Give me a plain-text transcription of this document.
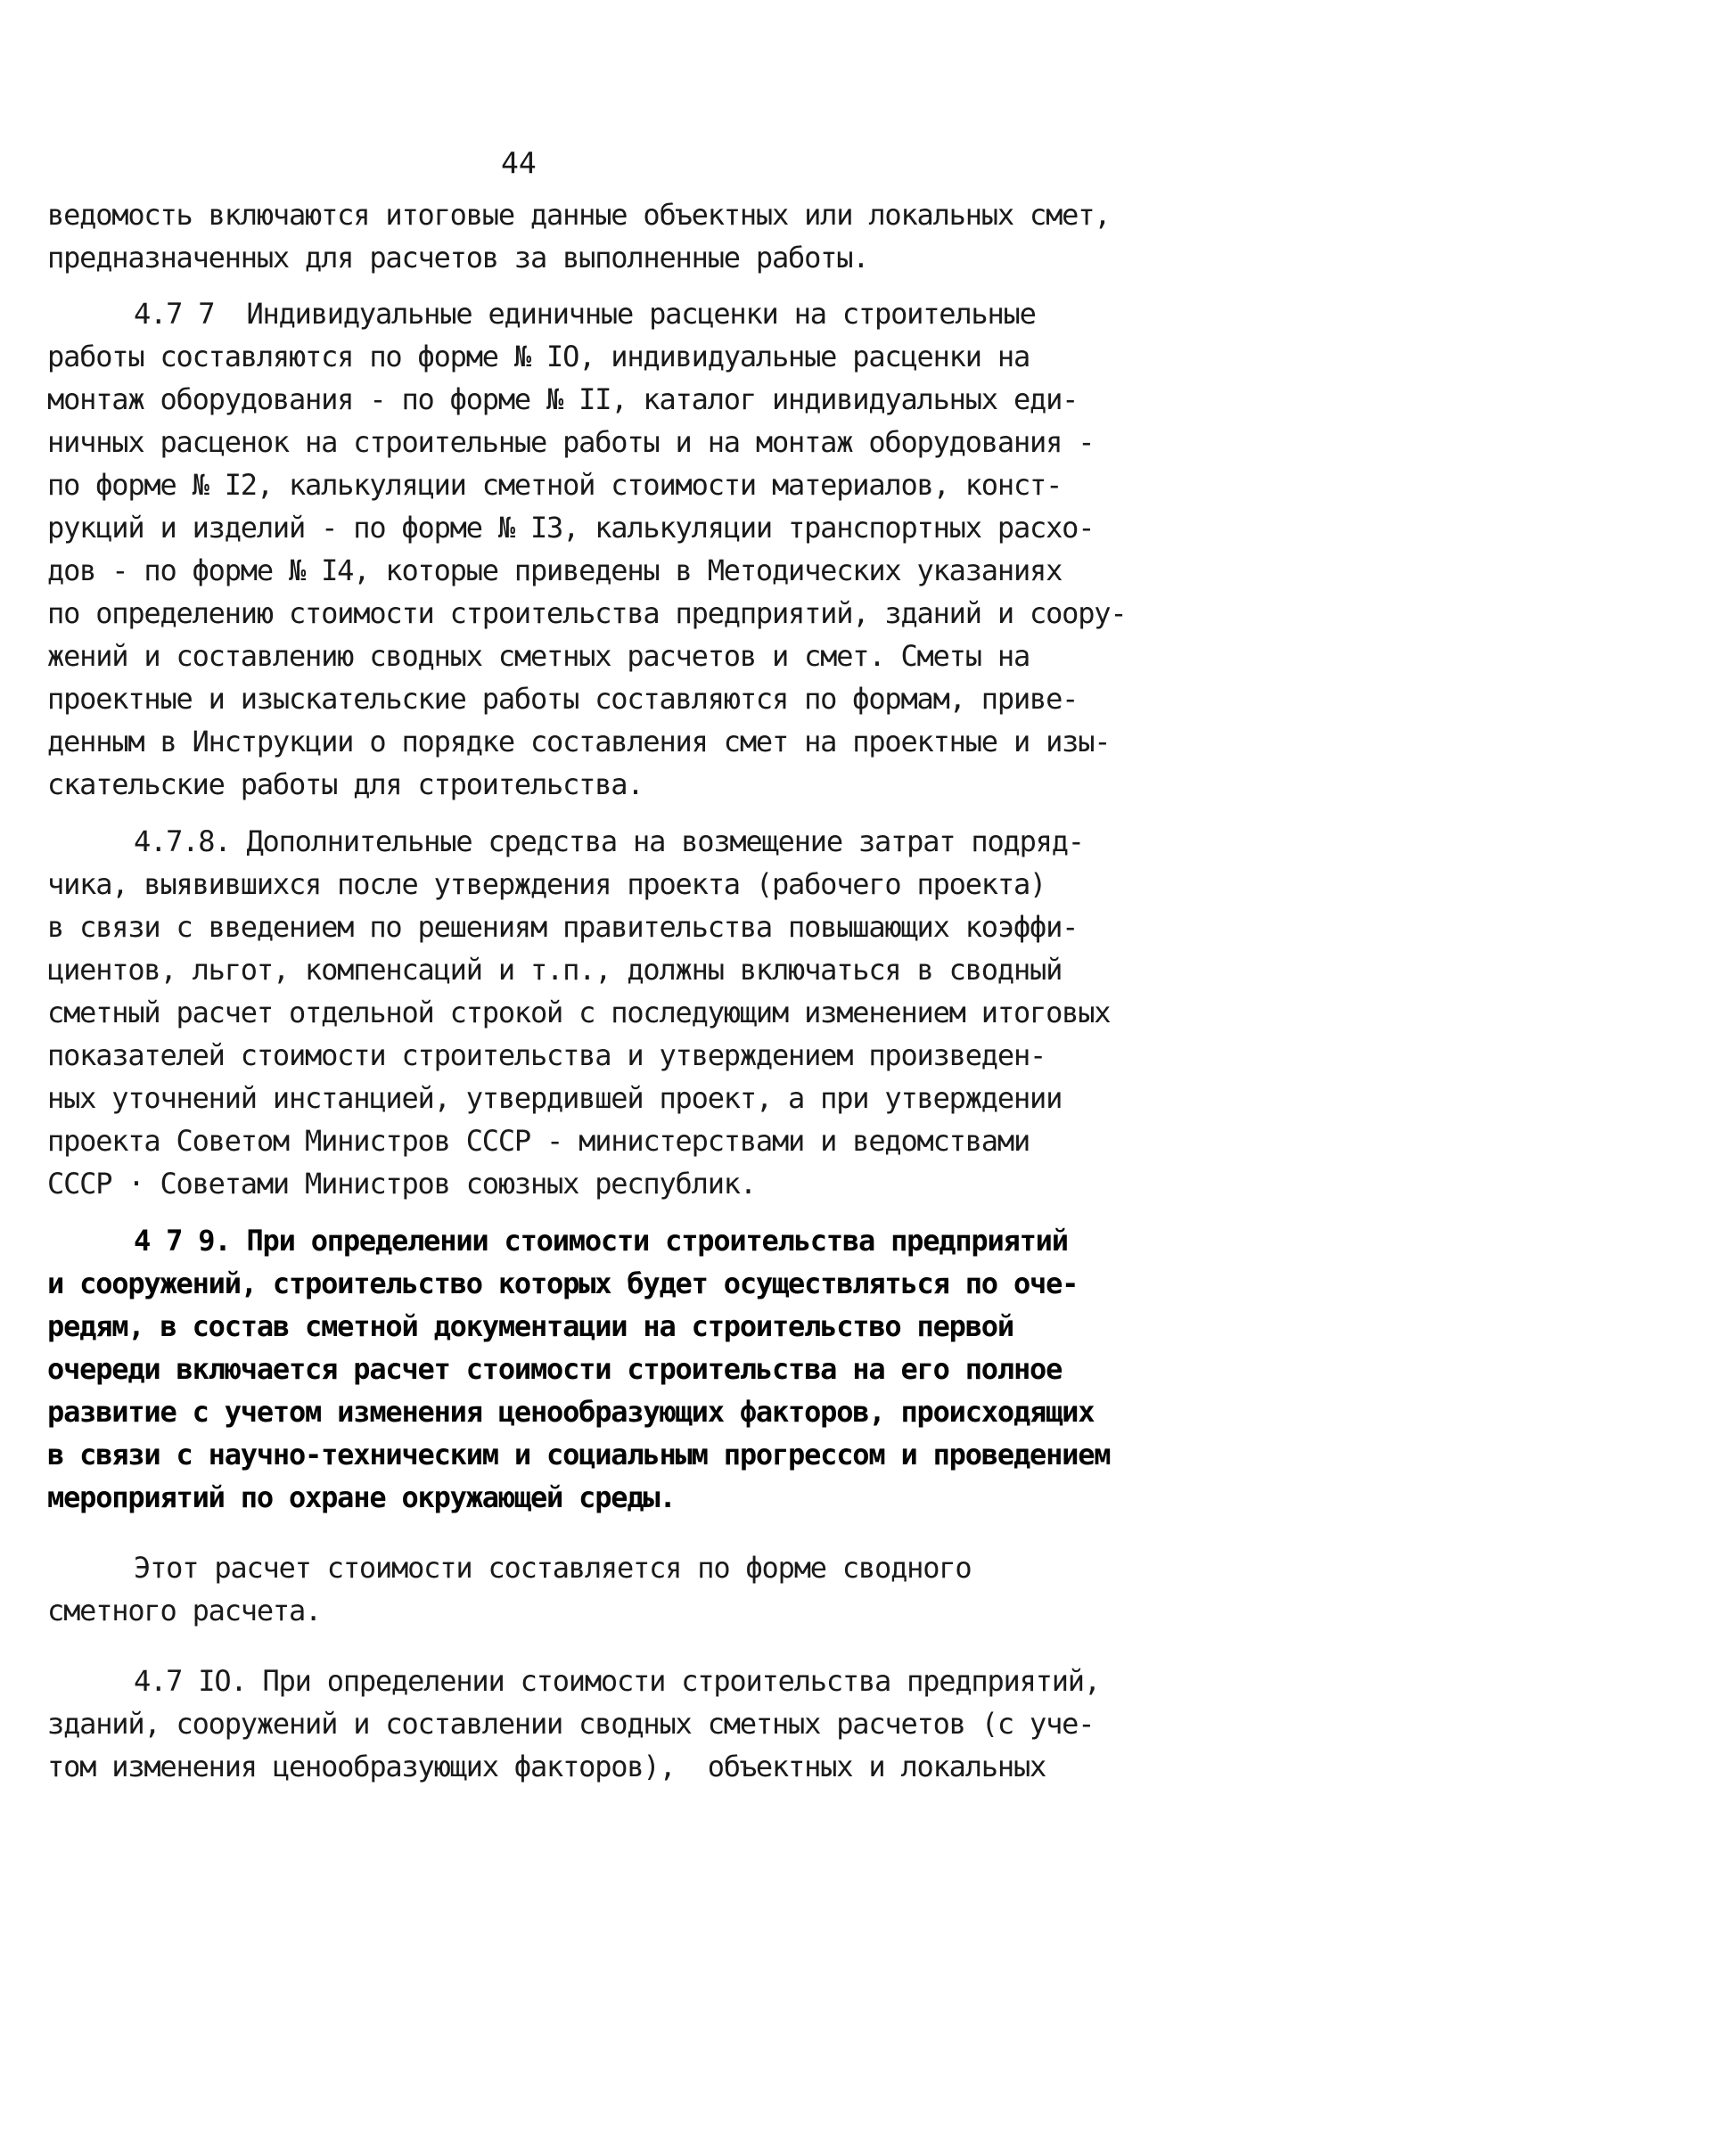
44
ведомость включаются итоговые данные объектных или локальных смет,
предназначенных для расчетов за выполненные работы.
4.7 7  Индивидуальные единичные расценки на строительные
работы составляются по форме № IO, индивидуальные расценки на
монтаж оборудования - по форме № II, каталог индивидуальных еди-
ничных расценок на строительные работы и на монтаж оборудования -
по форме № I2, калькуляции сметной стоимости материалов, конст-
рукций и изделий - по форме № I3, калькуляции транспортных расхо-
дов - по форме № I4, которые приведены в Методических указаниях
по определению стоимости строительства предприятий, зданий и соору-
жений и составлению сводных сметных расчетов и смет. Сметы на
проектные и изыскательские работы составляются по формам, приве-
денным в Инструкции о порядке составления смет на проектные и изы-
скательские работы для строительства.
4.7.8. Дополнительные средства на возмещение затрат подряд-
чика, выявившихся после утверждения проекта (рабочего проекта)
в связи с введением по решениям правительства повышающих коэффи-
циентов, льгот, компенсаций и т.п., должны включаться в сводный
сметный расчет отдельной строкой с последующим изменением итоговых
показателей стоимости строительства и утверждением произведен-
ных уточнений инстанцией, утвердившей проект, а при утверждении
проекта Советом Министров СССР - министерствами и ведомствами
СССР · Советами Министров союзных республик.
4 7 9. При определении стоимости строительства предприятий
и сооружений, строительство которых будет осуществляться по оче-
редям, в состав сметной документации на строительство первой
очереди включается расчет стоимости строительства на его полное
развитие с учетом изменения ценообразующих факторов, происходящих
в связи с научно-техническим и социальным прогрессом и проведением
мероприятий по охране окружающей среды.
Этот расчет стоимости составляется по форме сводного
сметного расчета.
4.7 IO. При определении стоимости строительства предприятий,
зданий, сооружений и составлении сводных сметных расчетов (с уче-
том изменения ценообразующих факторов),  объектных и локальных
